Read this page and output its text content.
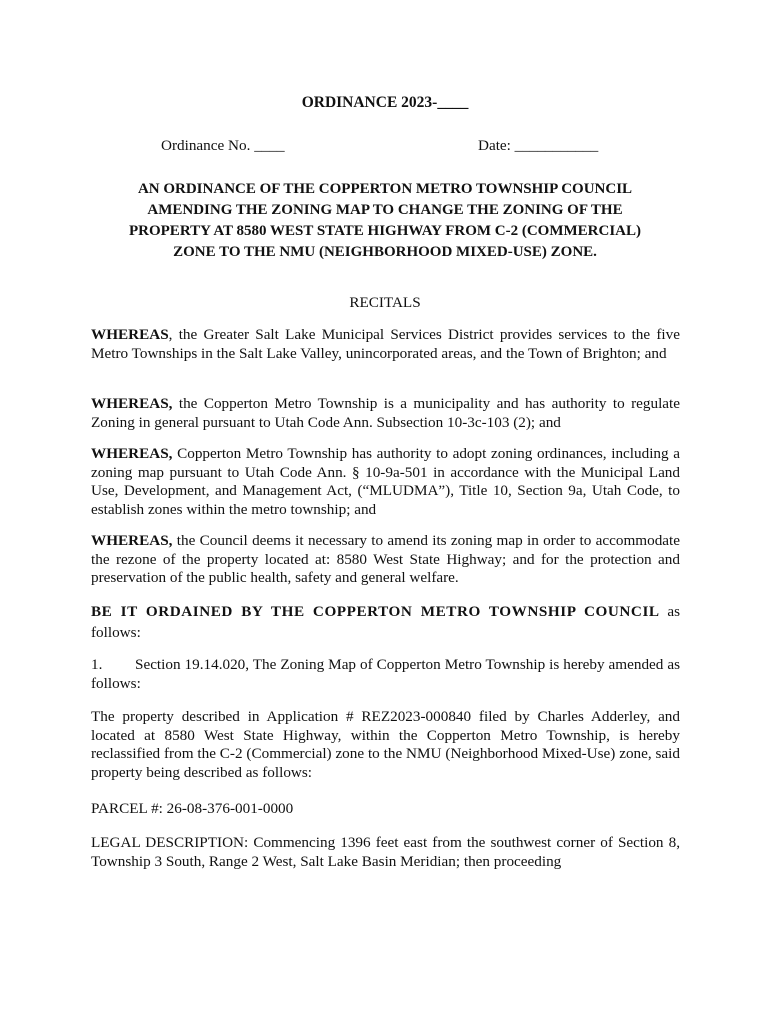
ORDINANCE 2023-____
Ordinance No. ____	Date: ___________
AN ORDINANCE OF THE COPPERTON METRO TOWNSHIP COUNCIL
AMENDING THE ZONING MAP TO CHANGE THE ZONING OF THE
PROPERTY AT 8580 WEST STATE HIGHWAY FROM C-2 (COMMERCIAL)
ZONE TO THE NMU (NEIGHBORHOOD MIXED-USE) ZONE.
RECITALS
WHEREAS, the Greater Salt Lake Municipal Services District provides services to the five Metro Townships in the Salt Lake Valley, unincorporated areas, and the Town of Brighton; and
WHEREAS, the Copperton Metro Township is a municipality and has authority to regulate Zoning in general pursuant to Utah Code Ann. Subsection 10-3c-103 (2); and
WHEREAS, Copperton Metro Township has authority to adopt zoning ordinances, including a zoning map pursuant to Utah Code Ann. § 10-9a-501 in accordance with the Municipal Land Use, Development, and Management Act, (“MLUDMA”), Title 10, Section 9a, Utah Code, to establish zones within the metro township; and
WHEREAS, the Council deems it necessary to amend its zoning map in order to accommodate the rezone of the property located at: 8580 West State Highway; and for the protection and preservation of the public health, safety and general welfare.
BE IT ORDAINED BY THE COPPERTON METRO TOWNSHIP COUNCIL as follows:
1. Section 19.14.020, The Zoning Map of Copperton Metro Township is hereby amended as follows:
The property described in Application # REZ2023-000840 filed by Charles Adderley, and located at 8580 West State Highway, within the Copperton Metro Township, is hereby reclassified from the C-2 (Commercial) zone to the NMU (Neighborhood Mixed-Use) zone, said property being described as follows:
PARCEL #: 26-08-376-001-0000
LEGAL DESCRIPTION: Commencing 1396 feet east from the southwest corner of Section 8, Township 3 South, Range 2 West, Salt Lake Basin Meridian; then proceeding
